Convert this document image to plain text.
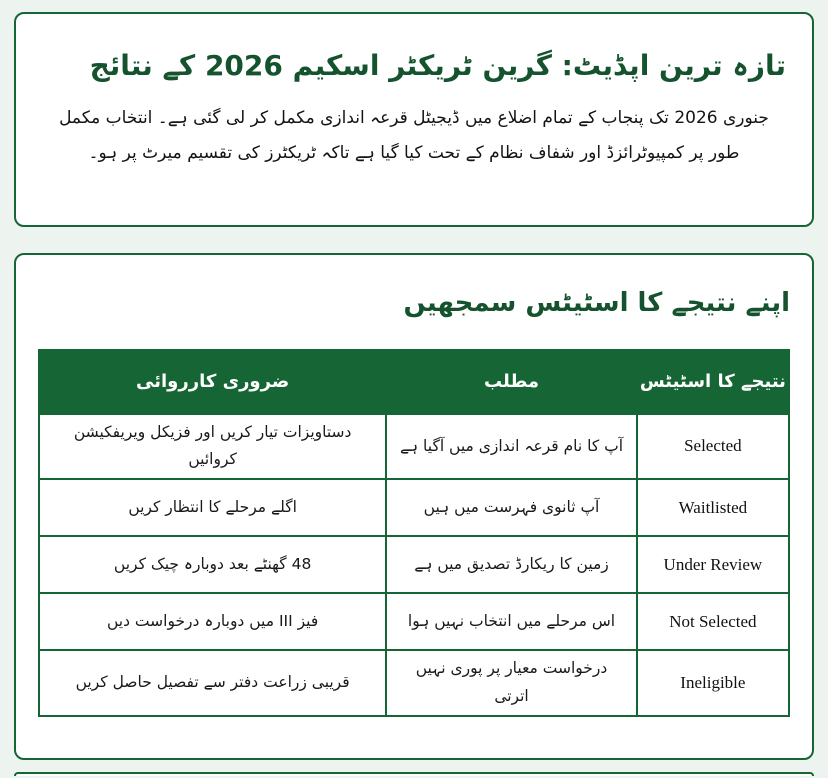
تازہ ترین اپڈیٹ: گرین ٹریکٹر اسکیم 2026 کے نتائج

جنوری 2026 تک پنجاب کے تمام اضلاع میں ڈیجیٹل قرعہ اندازی مکمل کر لی گئی ہے۔ انتخاب مکمل طور پر کمپیوٹرائزڈ اور شفاف نظام کے تحت کیا گیا ہے تاکہ ٹریکٹرز کی تقسیم میرٹ پر ہو۔

اپنے نتیجے کا اسٹیٹس سمجھیں
نتیجے کا اسٹیٹس	مطلب	ضروری کارروائی
Selected	آپ کا نام قرعہ اندازی میں آگیا ہے	دستاویزات تیار کریں اور فزیکل ویریفکیشن کروائیں
Waitlisted	آپ ثانوی فہرست میں ہیں	اگلے مرحلے کا انتظار کریں
Under Review	زمین کا ریکارڈ تصدیق میں ہے	48 گھنٹے بعد دوبارہ چیک کریں
Not Selected	اس مرحلے میں انتخاب نہیں ہوا	فیز III میں دوبارہ درخواست دیں
Ineligible	درخواست معیار پر پوری نہیں اترتی	قریبی زراعت دفتر سے تفصیل حاصل کریں
